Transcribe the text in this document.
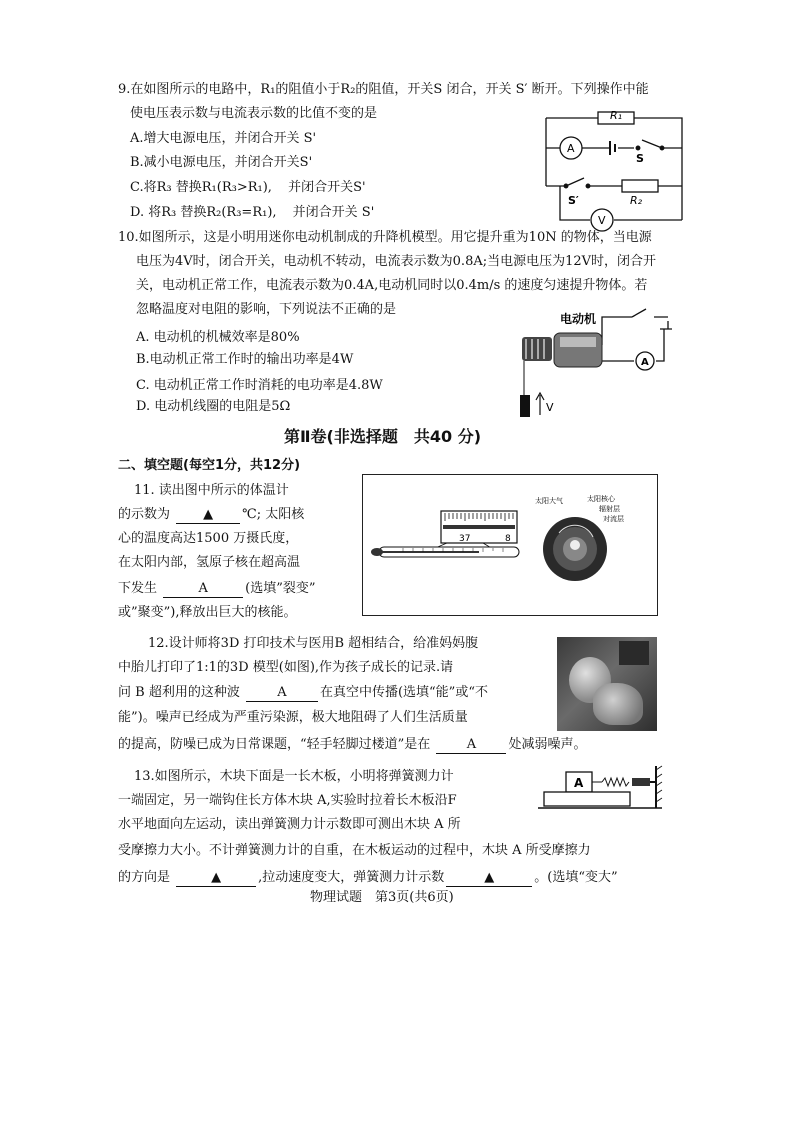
9.在如图所示的电路中，R₁的阻值小于R₂的阻值，开关S 闭合，开关 S′ 断开。下列操作中能
使电压表示数与电流表示数的比值不变的是
A.增大电源电压，并闭合开关 S'
B.减小电源电压，并闭合开关S'
C.将R₃ 替换R₁(R₃>R₁), 并闭合开关S'
D. 将R₃ 替换R₂(R₃=R₁), 并闭合开关 S'
R₁
A
S
S′	R₂
V
10.如图所示，这是小明用迷你电动机制成的升降机模型。用它提升重为10N 的物体，当电源
电压为4V时，闭合开关，电动机不转动，电流表示数为0.8A;当电源电压为12V时，闭合开
关，电动机正常工作，电流表示数为0.4A,电动机同时以0.4m/s 的速度匀速提升物体。若
忽略温度对电阻的影响，下列说法不正确的是
A. 电动机的机械效率是80%
B.电动机正常工作时的输出功率是4W
C. 电动机正常工作时消耗的电功率是4.8W
D. 电动机线圈的电阻是5Ω
电动机
A
V
第Ⅱ卷(非选择题　共40 分)
二、填空题(每空1分，共12分)
11. 读出图中所示的体温计
的示数为	▲ ℃; 太阳核
心的温度高达1500 万摄氏度，
在太阳内部，氢原子核在超高温
下发生	A	(选填”裂变”
或”聚变”),释放出巨大的核能。
37	8
太阳大气	太阳核心
辐射层
对流层
12.设计师将3D 打印技术与医用B 超相结合，给准妈妈腹
中胎儿打印了1:1的3D 模型(如图),作为孩子成长的记录.请
问 B 超利用的这种波	A	在真空中传播(选填“能”或“不
能”)。噪声已经成为严重污染源，极大地阻碍了人们生活质量
的提高，防噪已成为日常课题，“轻手轻脚过楼道”是在	A 处减弱噪声。
13.如图所示，木块下面是一长木板，小明将弹簧测力计
一端固定，另一端钩住长方体木块 A,实验时拉着长木板沿F
水平地面向左运动，读出弹簧测力计示数即可测出木块 A 所
受摩擦力大小。不计弹簧测力计的自重，在木板运动的过程中，木块 A 所受摩擦力
的方向是	▲	,拉动速度变大，弹簧测力计示数	▲	。(选填“变大”
A
物理试题　第3页(共6页)
